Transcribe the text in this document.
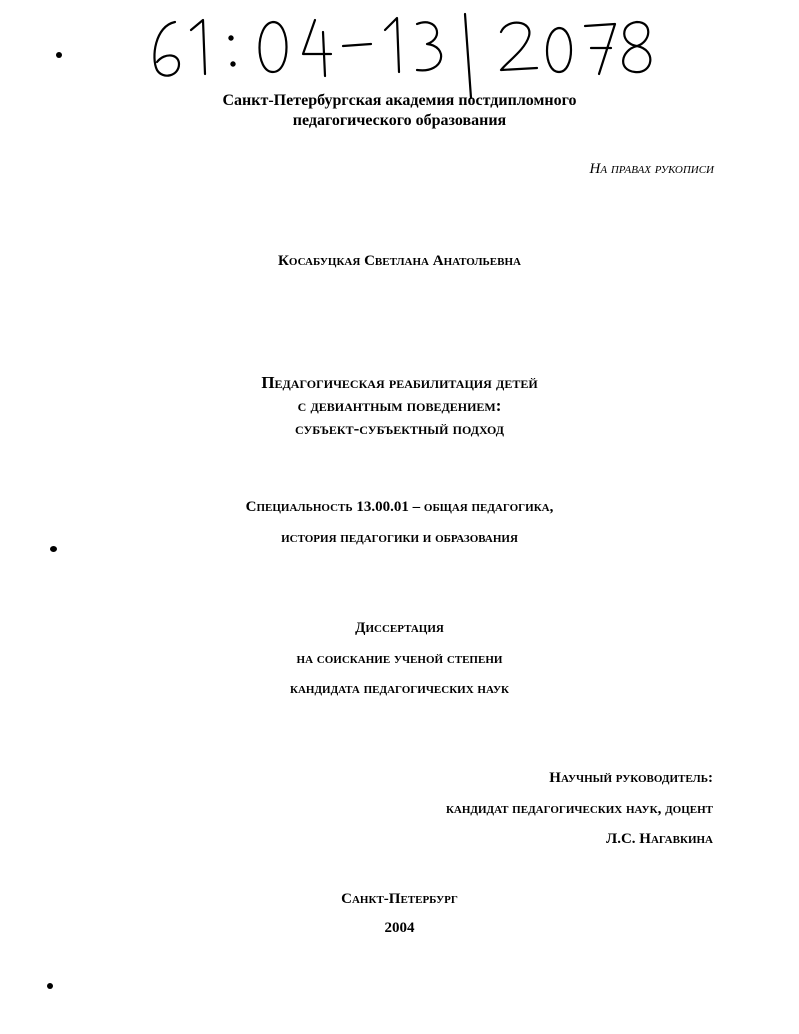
Санкт-Петербургская академия постдипломного
педагогического образования
На правах рукописи
Косабуцкая Светлана Анатольевна
Педагогическая реабилитация детей
с девиантным поведением:
субъект-субъектный подход
Специальность 13.00.01 – общая педагогика,
история педагогики и образования
Диссертация
на соискание ученой степени
кандидата педагогических наук
Научный руководитель:
кандидат педагогических наук, доцент
Л.С. Нагавкина
Санкт-Петербург
2004
